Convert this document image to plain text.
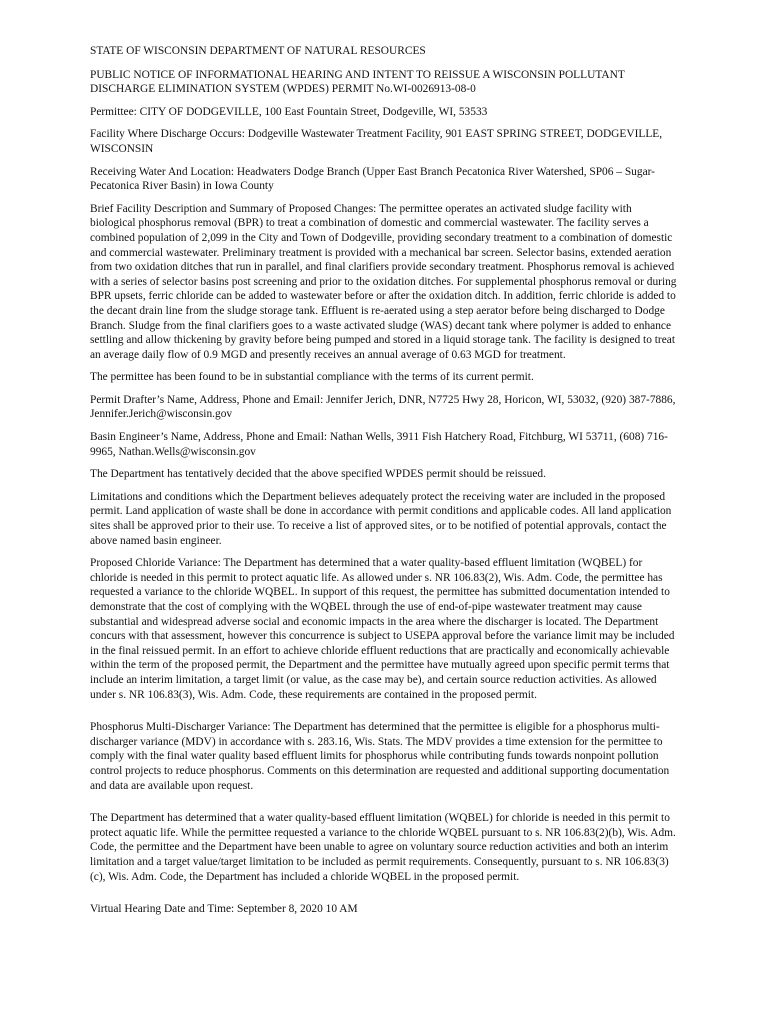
STATE OF WISCONSIN DEPARTMENT OF NATURAL RESOURCES

PUBLIC NOTICE OF INFORMATIONAL HEARING AND INTENT TO REISSUE A WISCONSIN POLLUTANT DISCHARGE ELIMINATION SYSTEM (WPDES) PERMIT No.WI-0026913-08-0

Permittee: CITY OF DODGEVILLE, 100 East Fountain Street, Dodgeville, WI, 53533

Facility Where Discharge Occurs: Dodgeville Wastewater Treatment Facility, 901 EAST SPRING STREET, DODGEVILLE, WISCONSIN

Receiving Water And Location: Headwaters Dodge Branch (Upper East Branch Pecatonica River Watershed, SP06 – Sugar-Pecatonica River Basin) in Iowa County

Brief Facility Description and Summary of Proposed Changes: The permittee operates an activated sludge facility with biological phosphorus removal (BPR) to treat a combination of domestic and commercial wastewater. The facility serves a combined population of 2,099 in the City and Town of Dodgeville, providing secondary treatment to a combination of domestic and commercial wastewater. Preliminary treatment is provided with a mechanical bar screen. Selector basins, extended aeration from two oxidation ditches that run in parallel, and final clarifiers provide secondary treatment. Phosphorus removal is achieved with a series of selector basins post screening and prior to the oxidation ditches. For supplemental phosphorus removal or during BPR upsets, ferric chloride can be added to wastewater before or after the oxidation ditch. In addition, ferric chloride is added to the decant drain line from the sludge storage tank. Effluent is re-aerated using a step aerator before being discharged to Dodge Branch. Sludge from the final clarifiers goes to a waste activated sludge (WAS) decant tank where polymer is added to enhance settling and allow thickening by gravity before being pumped and stored in a liquid storage tank. The facility is designed to treat an average daily flow of 0.9 MGD and presently receives an annual average of 0.63 MGD for treatment.

The permittee has been found to be in substantial compliance with the terms of its current permit.

Permit Drafter’s Name, Address, Phone and Email: Jennifer Jerich, DNR, N7725 Hwy 28, Horicon, WI, 53032, (920) 387-7886, Jennifer.Jerich@wisconsin.gov

Basin Engineer’s Name, Address, Phone and Email: Nathan Wells, 3911 Fish Hatchery Road, Fitchburg, WI 53711, (608) 716-9965, Nathan.Wells@wisconsin.gov

The Department has tentatively decided that the above specified WPDES permit should be reissued.

Limitations and conditions which the Department believes adequately protect the receiving water are included in the proposed permit. Land application of waste shall be done in accordance with permit conditions and applicable codes. All land application sites shall be approved prior to their use. To receive a list of approved sites, or to be notified of potential approvals, contact the above named basin engineer.

Proposed Chloride Variance: The Department has determined that a water quality-based effluent limitation (WQBEL) for chloride is needed in this permit to protect aquatic life. As allowed under s. NR 106.83(2), Wis. Adm. Code, the permittee has requested a variance to the chloride WQBEL. In support of this request, the permittee has submitted documentation intended to demonstrate that the cost of complying with the WQBEL through the use of end-of-pipe wastewater treatment may cause substantial and widespread adverse social and economic impacts in the area where the discharger is located. The Department concurs with that assessment, however this concurrence is subject to USEPA approval before the variance limit may be included in the final reissued permit. In an effort to achieve chloride effluent reductions that are practically and economically achievable within the term of the proposed permit, the Department and the permittee have mutually agreed upon specific permit terms that include an interim limitation, a target limit (or value, as the case may be), and certain source reduction activities. As allowed under s. NR 106.83(3), Wis. Adm. Code, these requirements are contained in the proposed permit.

Phosphorus Multi-Discharger Variance: The Department has determined that the permittee is eligible for a phosphorus multi-discharger variance (MDV) in accordance with s. 283.16, Wis. Stats. The MDV provides a time extension for the permittee to comply with the final water quality based effluent limits for phosphorus while contributing funds towards nonpoint pollution control projects to reduce phosphorus. Comments on this determination are requested and additional supporting documentation and data are available upon request.

The Department has determined that a water quality-based effluent limitation (WQBEL) for chloride is needed in this permit to protect aquatic life. While the permittee requested a variance to the chloride WQBEL pursuant to s. NR 106.83(2)(b), Wis. Adm. Code, the permittee and the Department have been unable to agree on voluntary source reduction activities and both an interim limitation and a target value/target limitation to be included as permit requirements. Consequently, pursuant to s. NR 106.83(3)(c), Wis. Adm. Code, the Department has included a chloride WQBEL in the proposed permit.

Virtual Hearing Date and Time: September 8, 2020 10 AM
